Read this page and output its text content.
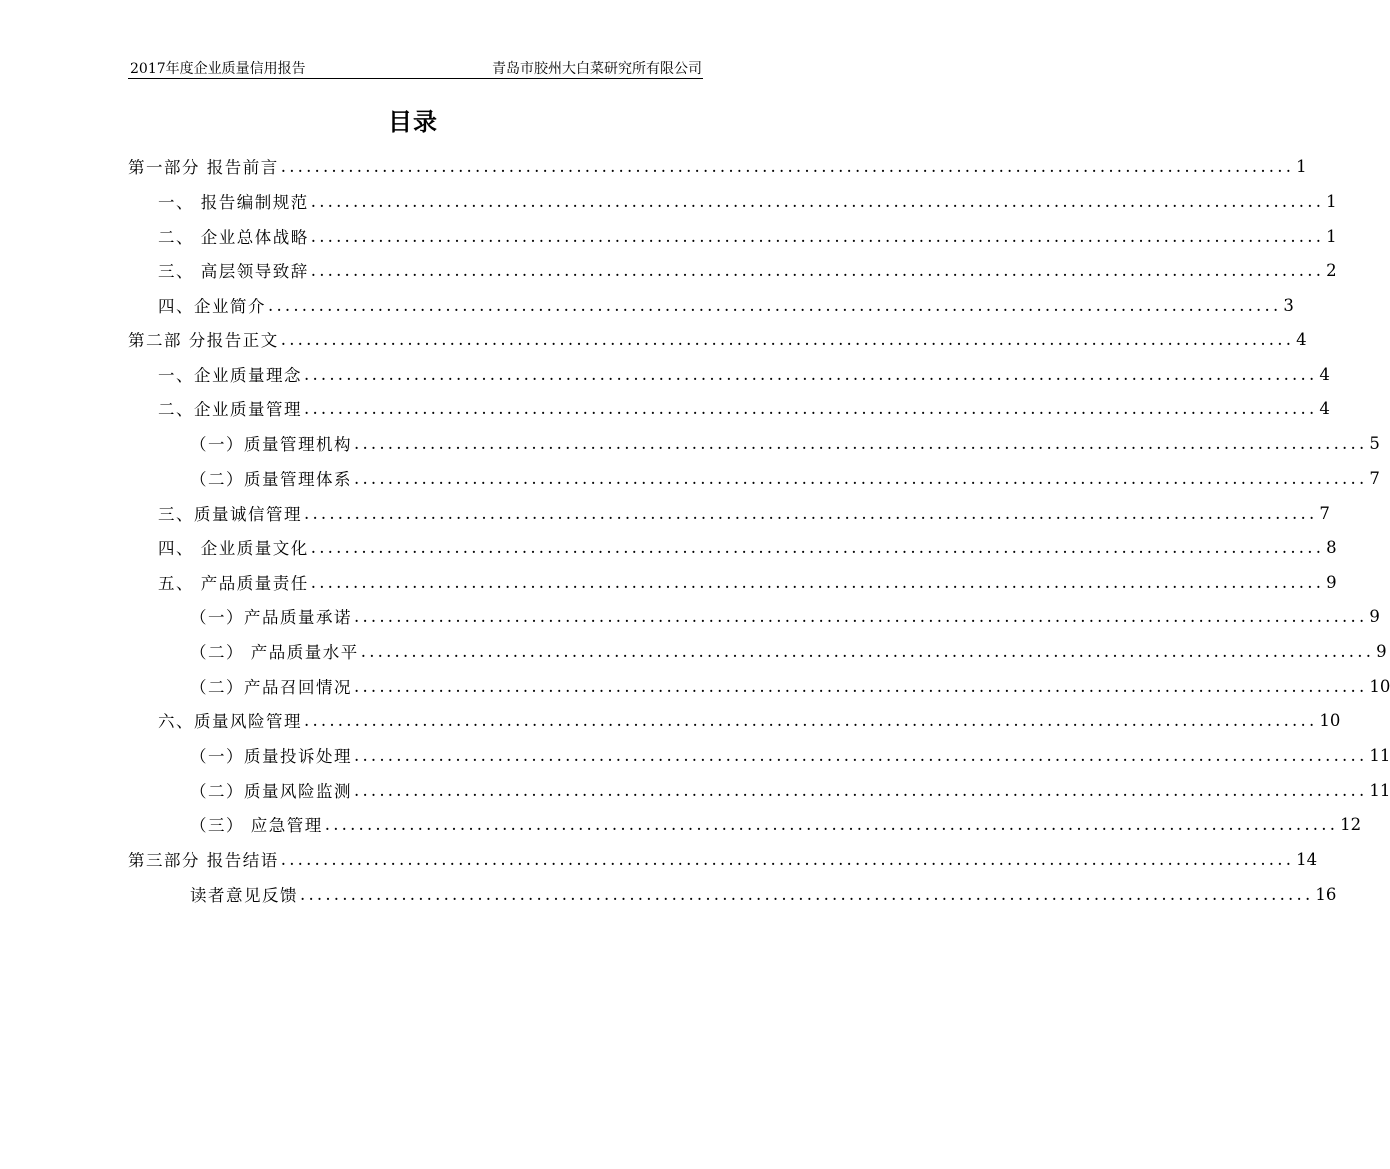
2017年度企业质量信用报告	青岛市胶州大白菜研究所有限公司
目录
第一部分 报告前言 ........................................................................................................................ 1
一、 报告编制规范 ........................................................................................................................ 1
二、 企业总体战略 ........................................................................................................................ 1
三、 高层领导致辞 ........................................................................................................................ 2
四、企业简介 ........................................................................................................................ 3
第二部 分报告正文 ........................................................................................................................ 4
一、企业质量理念 ........................................................................................................................ 4
二、企业质量管理 ........................................................................................................................ 4
（一）质量管理机构 ........................................................................................................................ 5
（二）质量管理体系 ........................................................................................................................ 7
三、质量诚信管理 ........................................................................................................................ 7
四、 企业质量文化 ........................................................................................................................ 8
五、 产品质量责任 ........................................................................................................................ 9
（一）产品质量承诺 ........................................................................................................................ 9
（二） 产品质量水平 ........................................................................................................................ 9
（二）产品召回情况 ........................................................................................................................ 10
六、质量风险管理 ........................................................................................................................ 10
（一）质量投诉处理 ........................................................................................................................ 11
（二）质量风险监测 ........................................................................................................................ 11
（三） 应急管理 ........................................................................................................................ 12
第三部分 报告结语 ........................................................................................................................ 14
读者意见反馈 ........................................................................................................................ 16
